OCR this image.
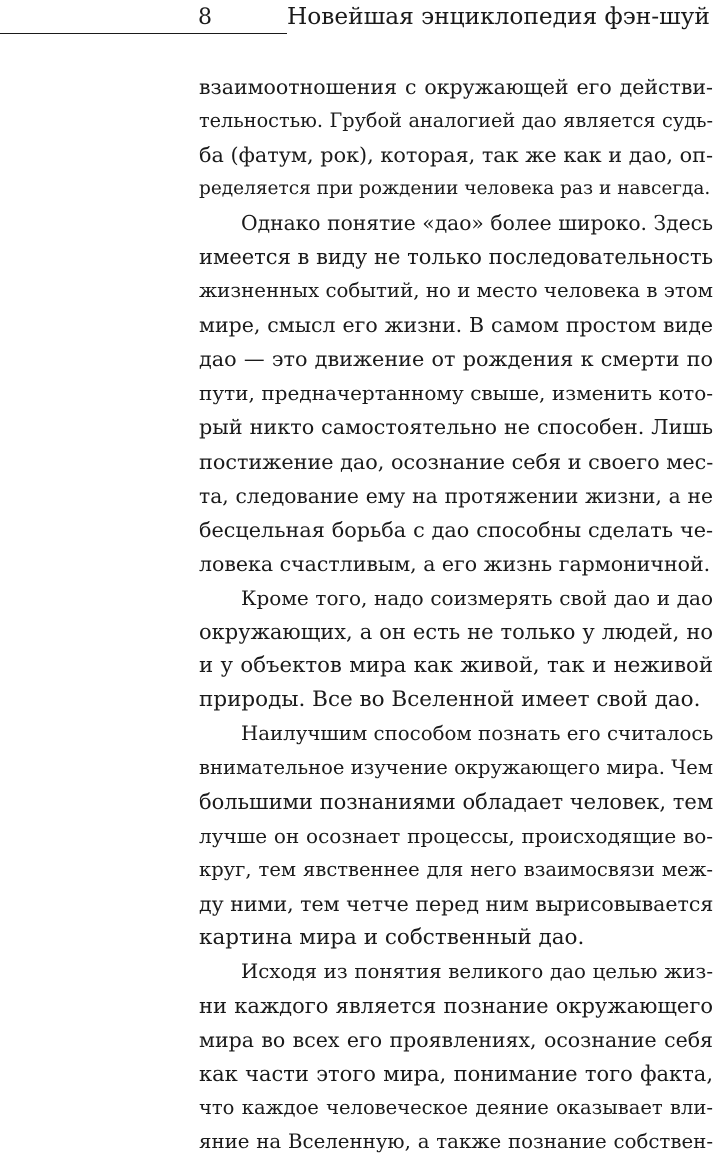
8	Новейшая энциклопедия фэн-шуй
взаимоотношения с окружающей его действи-
тельностью. Грубой аналогией дао является судь-
ба (фатум, рок), которая, так же как и дао, оп-
ределяется при рождении человека раз и навсегда.
Однако понятие «дао» более широко. Здесь
имеется в виду не только последовательность
жизненных событий, но и место человека в этом
мире, смысл его жизни. В самом простом виде
дао — это движение от рождения к смерти по
пути, предначертанному свыше, изменить кото-
рый никто самостоятельно не способен. Лишь
постижение дао, осознание себя и своего мес-
та, следование ему на протяжении жизни, а не
бесцельная борьба с дао способны сделать че-
ловека счастливым, а его жизнь гармоничной.
Кроме того, надо соизмерять свой дао и дао
окружающих, а он есть не только у людей, но
и у объектов мира как живой, так и неживой
природы. Все во Вселенной имеет свой дао.
Наилучшим способом познать его считалось
внимательное изучение окружающего мира. Чем
большими познаниями обладает человек, тем
лучше он осознает процессы, происходящие во-
круг, тем явственнее для него взаимосвязи меж-
ду ними, тем четче перед ним вырисовывается
картина мира и собственный дао.
Исходя из понятия великого дао целью жиз-
ни каждого является познание окружающего
мира во всех его проявлениях, осознание себя
как части этого мира, понимание того факта,
что каждое человеческое деяние оказывает вли-
яние на Вселенную, а также познание собствен-
